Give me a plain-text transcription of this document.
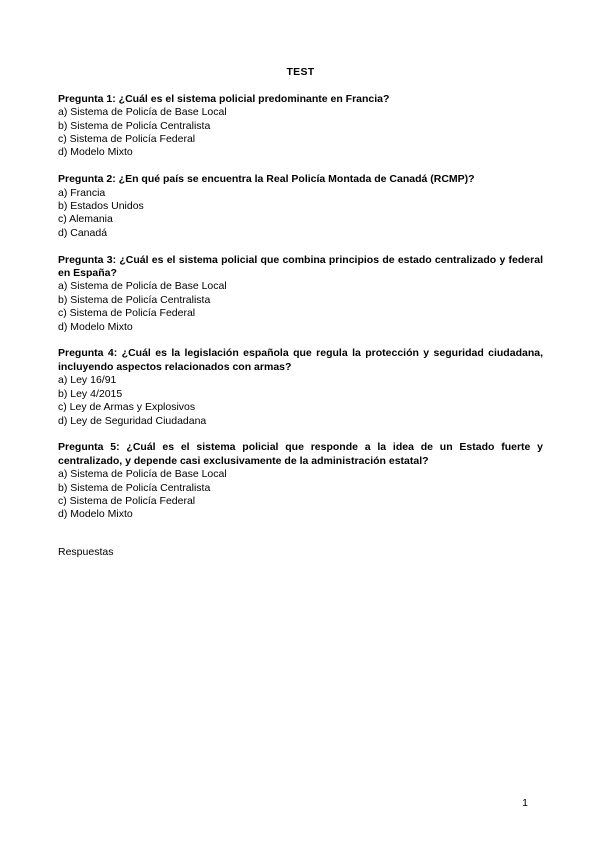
TEST

Pregunta 1: ¿Cuál es el sistema policial predominante en Francia?

a) Sistema de Policía de Base Local

b) Sistema de Policía Centralista

c) Sistema de Policía Federal

d) Modelo Mixto

Pregunta 2: ¿En qué país se encuentra la Real Policía Montada de Canadá (RCMP)?

a) Francia

b) Estados Unidos

c) Alemania

d) Canadá

Pregunta 3: ¿Cuál es el sistema policial que combina principios de estado centralizado y federal en España?

a) Sistema de Policía de Base Local

b) Sistema de Policía Centralista

c) Sistema de Policía Federal

d) Modelo Mixto

Pregunta 4: ¿Cuál es la legislación española que regula la protección y seguridad ciudadana, incluyendo aspectos relacionados con armas?

a) Ley 16/91

b) Ley 4/2015

c) Ley de Armas y Explosivos

d) Ley de Seguridad Ciudadana

Pregunta 5: ¿Cuál es el sistema policial que responde a la idea de un Estado fuerte y centralizado, y depende casi exclusivamente de la administración estatal?

a) Sistema de Policía de Base Local

b) Sistema de Policía Centralista

c) Sistema de Policía Federal

d) Modelo Mixto

Respuestas

1
